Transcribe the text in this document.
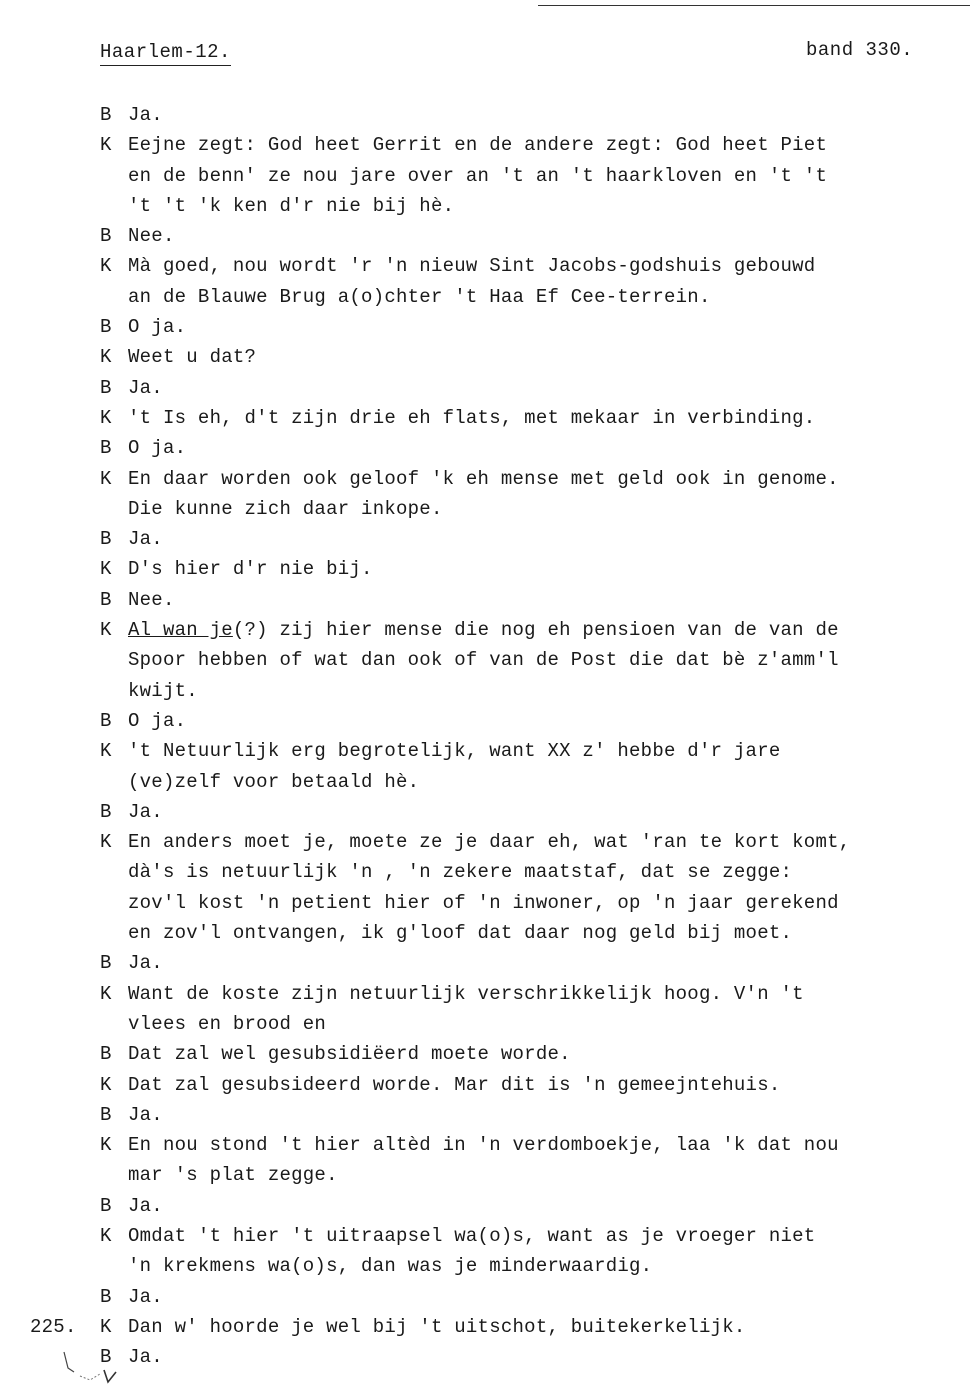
Haarlem-12.	band 330.
B Ja.
K Eejne zegt: God heet Gerrit en de andere zegt: God heet Piet
en de benn' ze nou jare over an 't an 't haarkloven en 't 't
't 't 'k ken d'r nie bij hè.
B Nee.
K Mà goed, nou wordt 'r 'n nieuw Sint Jacobs-godshuis gebouwd
an de Blauwe Brug a(o)chter 't Haa Ef Cee-terrein.
B O ja.
K Weet u dat?
B Ja.
K 't Is eh, d't zijn drie eh flats, met mekaar in verbinding.
B O ja.
K En daar worden ook geloof 'k eh mense met geld ook in genome.
Die kunne zich daar inkope.
B Ja.
K D's hier d'r nie bij.
B Nee.
K Al wan je(?) zij hier mense die nog eh pensioen van de van de
Spoor hebben of wat dan ook of van de Post die dat bè z'amm'l
kwijt.
B O ja.
K 't Netuurlijk erg begrotelijk, want XX z' hebbe d'r jare
(ve)zelf voor betaald hè.
B Ja.
K En anders moet je, moete ze je daar eh, wat 'ran te kort komt,
dà's is netuurlijk 'n , 'n zekere maatstaf, dat se zegge:
zov'l kost 'n petient hier of 'n inwoner, op 'n jaar gerekend
en zov'l ontvangen, ik g'loof dat daar nog geld bij moet.
B Ja.
K Want de koste zijn netuurlijk verschrikkelijk hoog. V'n 't
vlees en brood en
B Dat zal wel gesubsidiëerd moete worde.
K Dat zal gesubsideerd worde. Mar dit is 'n gemeejntehuis.
B Ja.
K En nou stond 't hier altèd in 'n verdomboekje, laa 'k dat nou
mar 's plat zegge.
B Ja.
K Omdat 't hier 't uitraapsel wa(o)s, want as je vroeger niet
'n krekmens wa(o)s, dan was je minderwaardig.
B Ja.
K Dan w' hoorde je wel bij 't uitschot, buitekerkelijk.
225.
B Ja.
